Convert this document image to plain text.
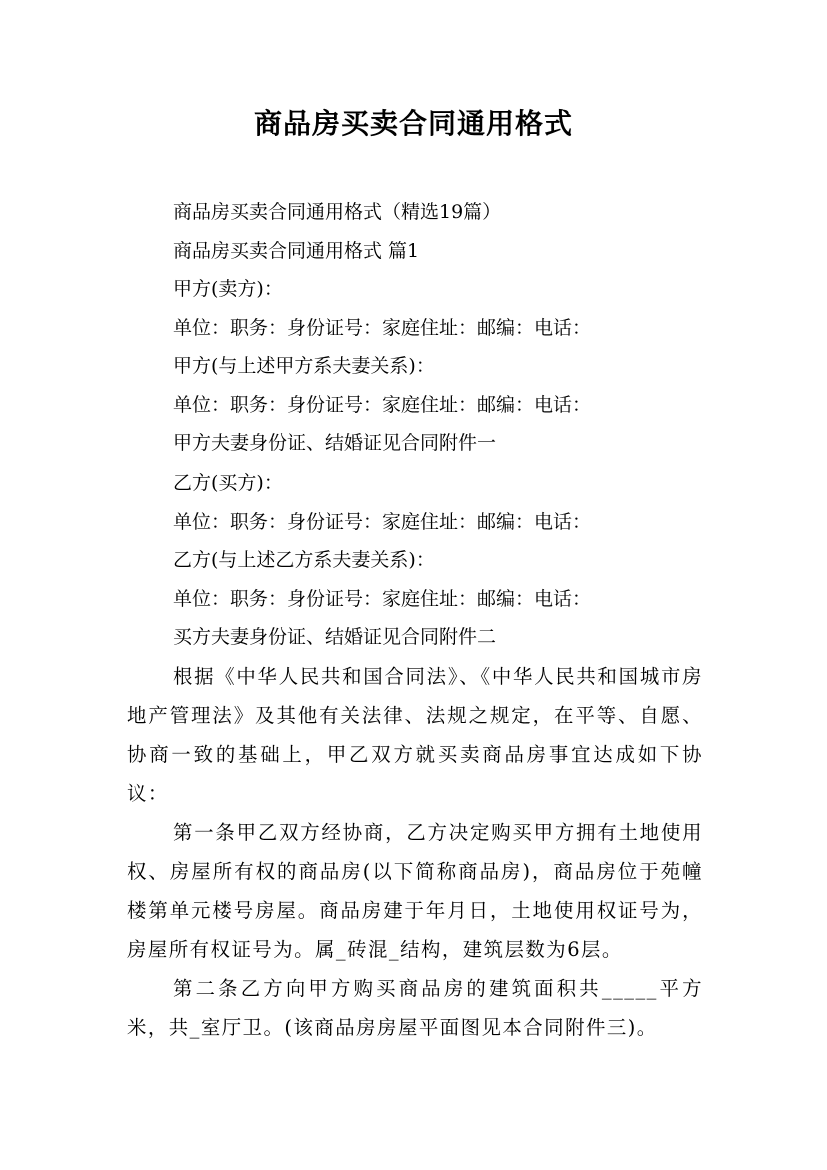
商品房买卖合同通用格式
商品房买卖合同通用格式（精选19篇）
商品房买卖合同通用格式 篇1
甲方(卖方)：
单位：职务：身份证号：家庭住址：邮编：电话：
甲方(与上述甲方系夫妻关系)：
单位：职务：身份证号：家庭住址：邮编：电话：
甲方夫妻身份证、结婚证见合同附件一
乙方(买方)：
单位：职务：身份证号：家庭住址：邮编：电话：
乙方(与上述乙方系夫妻关系)：
单位：职务：身份证号：家庭住址：邮编：电话：
买方夫妻身份证、结婚证见合同附件二
根据《中华人民共和国合同法》、《中华人民共和国城市房地产管理法》及其他有关法律、法规之规定，在平等、自愿、协商一致的基础上，甲乙双方就买卖商品房事宜达成如下协议：
第一条甲乙双方经协商，乙方决定购买甲方拥有土地使用权、房屋所有权的商品房(以下简称商品房)，商品房位于苑幢楼第单元楼号房屋。商品房建于年月日，土地使用权证号为，房屋所有权证号为。属_砖混_结构，建筑层数为6层。
第二条乙方向甲方购买商品房的建筑面积共_____平方米，共_室厅卫。(该商品房房屋平面图见本合同附件三)。
